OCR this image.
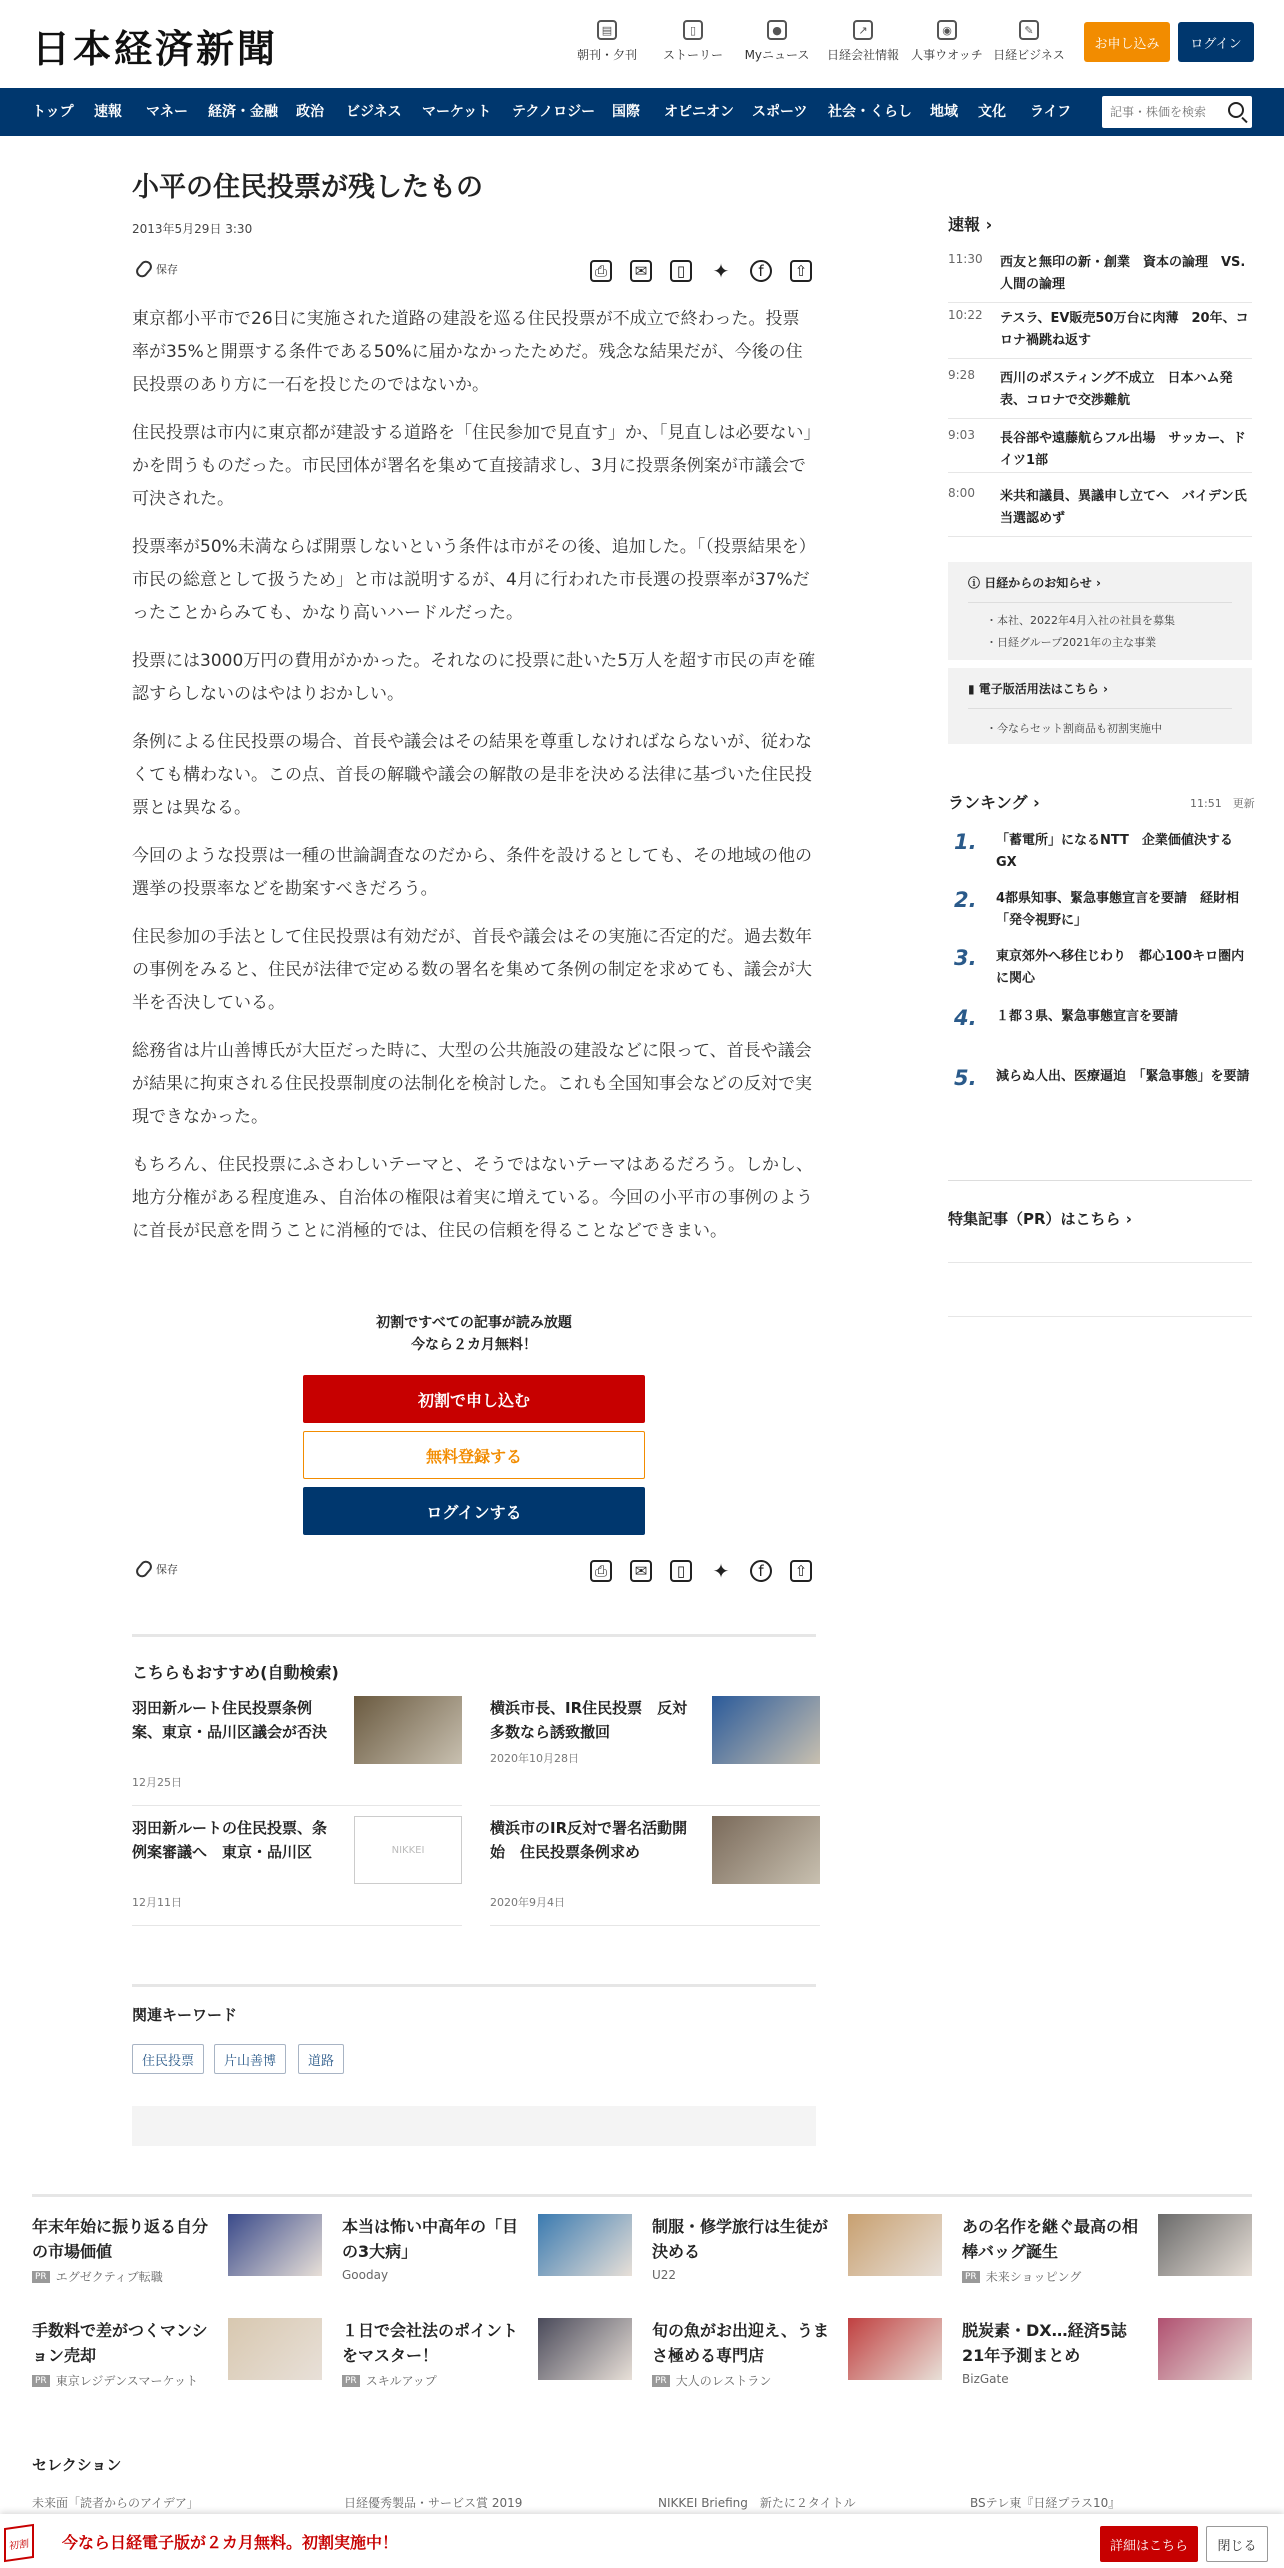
日本経済新聞	▤
朝刊・夕刊
▯
ストーリー
●
Myニュース
↗
日経会社情報
◉
人事ウオッチ
✎
日経ビジネス
お申し込み	ログイン
トップ 速報 マネー 経済・金融 政治 ビジネス マーケット テクノロジー 国際 オピニオン スポーツ 社会・くらし 地域 文化 ライフ
記事・株価を検索
小平の住民投票が残したもの
2013年5月29日 3:30
保存	⎙	✉	▯	✦	f	⇧

東京都小平市で26日に実施された道路の建設を巡る住民投票が不成立で終わった。投票率が35%と開票する条件である50%に届かなかったためだ。残念な結果だが、今後の住民投票のあり方に一石を投じたのではないか。

住民投票は市内に東京都が建設する道路を「住民参加で見直す」か、「見直しは必要ない」かを問うものだった。市民団体が署名を集めて直接請求し、3月に投票条例案が市議会で可決された。

投票率が50%未満ならば開票しないという条件は市がその後、追加した。「（投票結果を）市民の総意として扱うため」と市は説明するが、4月に行われた市長選の投票率が37%だったことからみても、かなり高いハードルだった。

投票には3000万円の費用がかかった。それなのに投票に赴いた5万人を超す市民の声を確認すらしないのはやはりおかしい。

条例による住民投票の場合、首長や議会はその結果を尊重しなければならないが、従わなくても構わない。この点、首長の解職や議会の解散の是非を決める法律に基づいた住民投票とは異なる。

今回のような投票は一種の世論調査なのだから、条件を設けるとしても、その地域の他の選挙の投票率などを勘案すべきだろう。

住民参加の手法として住民投票は有効だが、首長や議会はその実施に否定的だ。過去数年の事例をみると、住民が法律で定める数の署名を集めて条例の制定を求めても、議会が大半を否決している。

総務省は片山善博氏が大臣だった時に、大型の公共施設の建設などに限って、首長や議会が結果に拘束される住民投票制度の法制化を検討した。これも全国知事会などの反対で実現できなかった。

もちろん、住民投票にふさわしいテーマと、そうではないテーマはあるだろう。しかし、地方分権がある程度進み、自治体の権限は着実に増えている。今回の小平市の事例のように首長が民意を問うことに消極的では、住民の信頼を得ることなどできまい。

初割ですべての記事が読み放題
今なら２カ月無料！
初割で申し込む
無料登録する
ログインする
保存	⎙	✉	▯	✦	f	⇧
こちらもおすすめ(自動検索)
羽田新ルート住民投票条例案、東京・品川区議会が否決
12月25日
横浜市長、IR住民投票　反対多数なら誘致撤回
2020年10月28日
羽田新ルートの住民投票、条例案審議へ　東京・品川区
12月11日
NIKKEI
横浜市のIR反対で署名活動開始　住民投票条例求め
2020年9月4日
関連キーワード
住民投票	片山善博	道路
速報 ›
11:30 西友と無印の新・創業　資本の論理　VS. 人間の論理
10:22 テスラ、EV販売50万台に肉薄　20年、コロナ禍跳ね返す
9:28 西川のポスティング不成立　日本ハム発表、コロナで交渉難航
9:03 長谷部や遠藤航らフル出場　サッカー、ドイツ1部
8:00 米共和議員、異議申し立てへ　バイデン氏当選認めず
ⓘ 日経からのお知らせ ›
・本社、2022年4月入社の社員を募集
・日経グループ2021年の主な事業
▮ 電子版活用法はこちら ›
・今ならセット割商品も初割実施中
ランキング ›	11:51　 更新
1. 「蓄電所」になるNTT　企業価値決するGX
2. 4都県知事、緊急事態宣言を要請　経財相「発令視野に」
3. 東京郊外へ移住じわり　都心100キロ圏内に関心
4. １都３県、緊急事態宣言を要請
5. 減らぬ人出、医療逼迫　「緊急事態」を要請
特集記事（PR）はこちら ›
年末年始に振り返る自分の市場価値
PR エグゼクティブ転職
本当は怖い中高年の「目の3大病」
Gooday
制服・修学旅行は生徒が決める
U22
あの名作を継ぐ最高の相棒バッグ誕生
PR 未来ショッピング
手数料で差がつくマンション売却
PR 東京レジデンスマーケット
１日で会社法のポイントをマスター！
PR スキルアップ
旬の魚がお出迎え、うまさ極める専門店
PR 大人のレストラン
脱炭素・DX…経済5誌 21年予測まとめ
BizGate
セレクション
未来面「読者からのアイデア」	日経優秀製品・サービス賞 2019	NIKKEI Briefing　新たに２タイトル	BSテレ東『日経プラス10』
初割	今なら日経電子版が２カ月無料。初割実施中！	詳細はこちら	閉じる
